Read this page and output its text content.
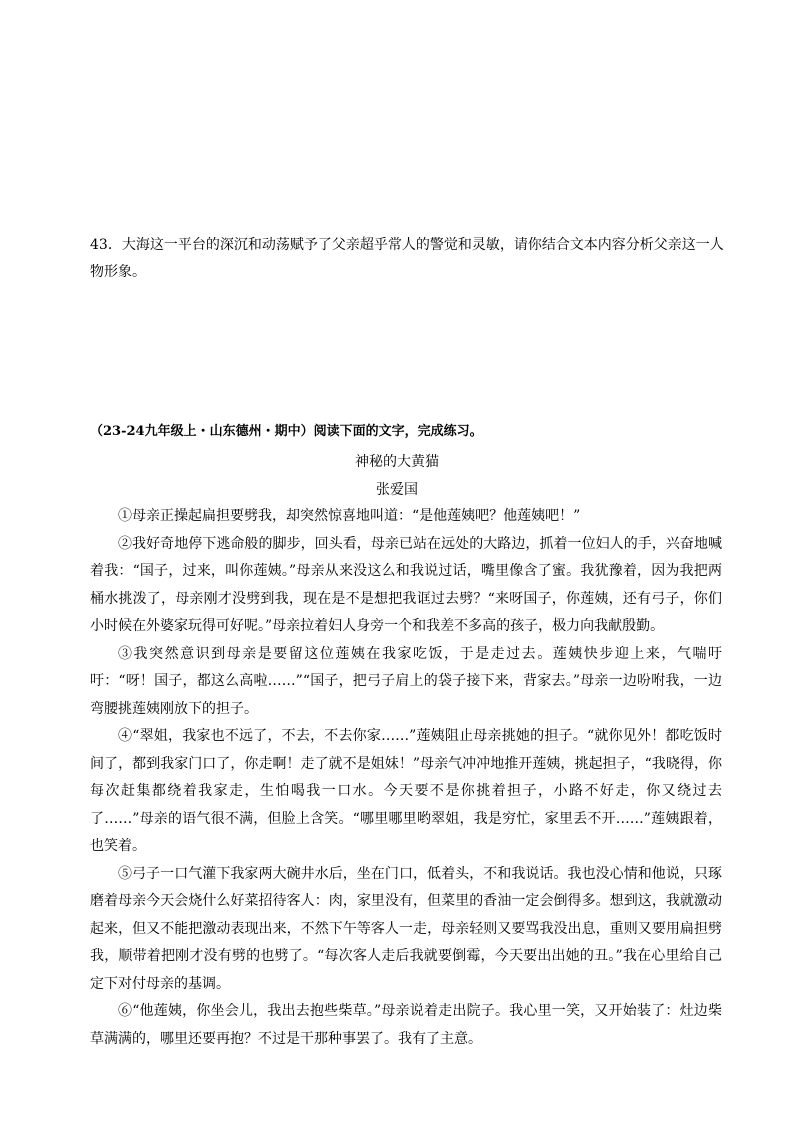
43．大海这一平台的深沉和动荡赋予了父亲超乎常人的警觉和灵敏，请你结合文本内容分析父亲这一人物形象。
（23-24九年级上・山东德州・期中）阅读下面的文字，完成练习。
神秘的大黄猫
张爱国

①母亲正操起扁担要劈我，却突然惊喜地叫道：“是他莲姨吧？他莲姨吧！”

②我好奇地停下逃命般的脚步，回头看，母亲已站在远处的大路边，抓着一位妇人的手，兴奋地喊着我：“国子，过来，叫你莲姨。”母亲从来没这么和我说过话，嘴里像含了蜜。我犹豫着，因为我把两桶水挑泼了，母亲刚才没劈到我，现在是不是想把我诓过去劈？“来呀国子，你莲姨，还有弓子，你们小时候在外婆家玩得可好呢。”母亲拉着妇人身旁一个和我差不多高的孩子，极力向我献殷勤。

③我突然意识到母亲是要留这位莲姨在我家吃饭，于是走过去。莲姨快步迎上来，气喘吁吁：“呀！国子，都这么高啦……”“国子，把弓子肩上的袋子接下来，背家去。”母亲一边吩咐我，一边弯腰挑莲姨刚放下的担子。

④“翠姐，我家也不远了，不去，不去你家……”莲姨阻止母亲挑她的担子。“就你见外！都吃饭时间了，都到我家门口了，你走啊！走了就不是姐妹！”母亲气冲冲地推开莲姨，挑起担子，“我晓得，你每次赶集都绕着我家走，生怕喝我一口水。今天要不是你挑着担子，小路不好走，你又绕过去了……”母亲的语气很不满，但脸上含笑。“哪里哪里哟翠姐，我是穷忙，家里丢不开……”莲姨跟着，也笑着。

⑤弓子一口气灌下我家两大碗井水后，坐在门口，低着头，不和我说话。我也没心情和他说，只琢磨着母亲今天会烧什么好菜招待客人：肉，家里没有，但菜里的香油一定会倒得多。想到这，我就激动起来，但又不能把激动表现出来，不然下午等客人一走，母亲轻则又要骂我没出息，重则又要用扁担劈我，顺带着把刚才没有劈的也劈了。“每次客人走后我就要倒霉，今天要出出她的丑。”我在心里给自己定下对付母亲的基调。

⑥“他莲姨，你坐会儿，我出去抱些柴草。”母亲说着走出院子。我心里一笑，又开始装了：灶边柴草满满的，哪里还要再抱？不过是干那种事罢了。我有了主意。
